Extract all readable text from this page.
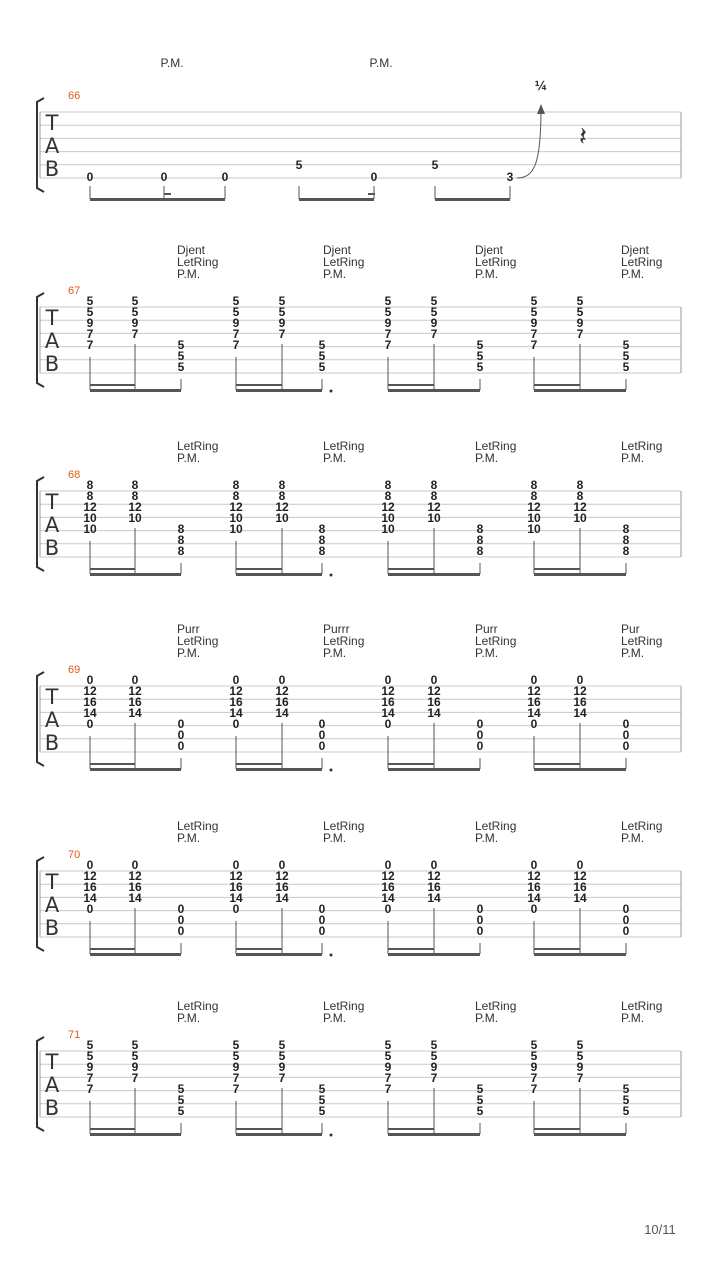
T
A
B
66
0
P.M.
0	0
5
P.M.
0
5
3
¼
𝄽
T
A
B
67
Djent
LetRing
P.M.
5
5
9
7
7
5
5
9
7
5
5
5
Djent
LetRing
P.M.
5
5
9
7
7
5
5
9
7
5
5
5
Djent
LetRing
P.M.
5
5
9
7
7
5
5
9
7
5
5
5
Djent
LetRing
P.M.
5
5
9
7
7
5
5
9
7
5
5
5
T
A
B
68
LetRing
P.M.
8
8
12
10
10
8
8
12
10
8
8
8
LetRing
P.M.
8
8
12
10
10
8
8
12
10
8
8
8
LetRing
P.M.
8
8
12
10
10
8
8
12
10
8
8
8
LetRing
P.M.
8
8
12
10
10
8
8
12
10
8
8
8
T
A
B
69
Purr
LetRing
P.M.
0
12
16
14
0
0
12
16
14
0
0
0
Purrr
LetRing
P.M.
0
12
16
14
0
0
12
16
14
0
0
0
Purr
LetRing
P.M.
0
12
16
14
0
0
12
16
14
0
0
0
Pur
LetRing
P.M.
0
12
16
14
0
0
12
16
14
0
0
0
T
A
B
70
LetRing
P.M.
0
12
16
14
0
0
12
16
14
0
0
0
LetRing
P.M.
0
12
16
14
0
0
12
16
14
0
0
0
LetRing
P.M.
0
12
16
14
0
0
12
16
14
0
0
0
LetRing
P.M.
0
12
16
14
0
0
12
16
14
0
0
0
T
A
B
71
LetRing
P.M.
5
5
9
7
7
5
5
9
7
5
5
5
LetRing
P.M.
5
5
9
7
7
5
5
9
7
5
5
5
LetRing
P.M.
5
5
9
7
7
5
5
9
7
5
5
5
LetRing
P.M.
5
5
9
7
7
5
5
9
7
5
5
5
10/11
